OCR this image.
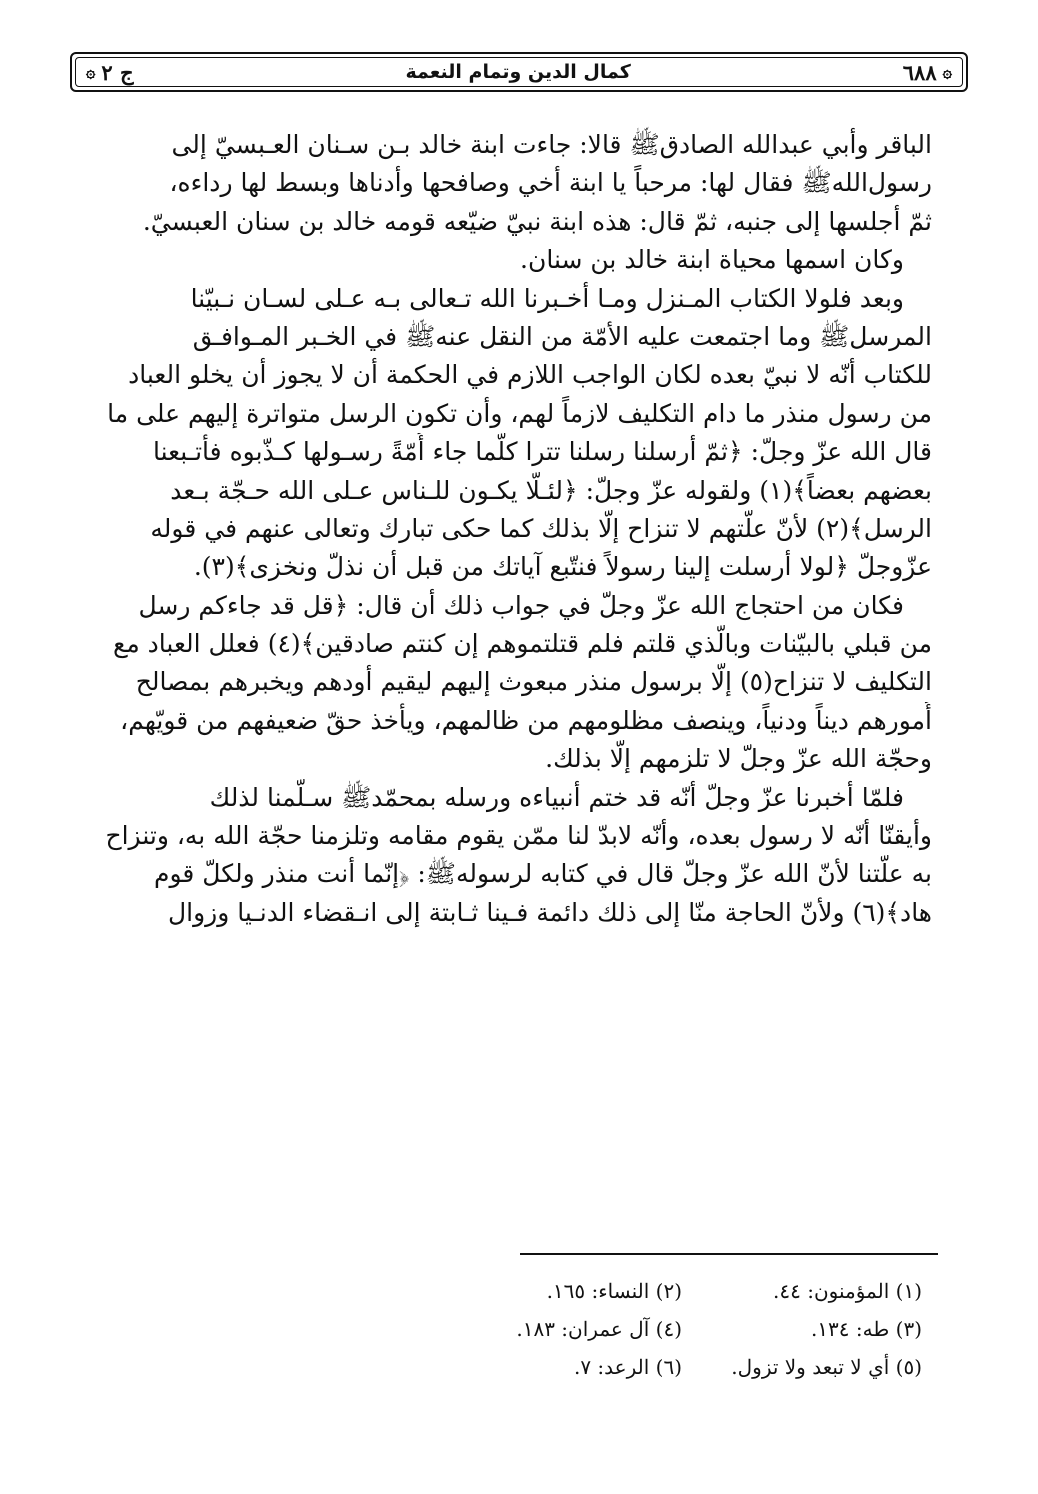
۞
٦٨٨
كمال الدين وتمام النعمة
ج ٢
۞
الباقر وأبي عبدالله الصادقﷺ قالا: جاءت ابنة خالد بـن سـنان العـبسيّ إلى
رسول‌اللهﷺ فقال لها: مرحباً يا ابنة أخي وصافحها وأدناها وبسط لها رداءه،
ثمّ أجلسها إلى جنبه، ثمّ قال: هذه ابنة نبيّ ضيّعه قومه خالد بن سنان العبسيّ.
وكان اسمها محياة ابنة خالد بن سنان.
وبعد فلولا الكتاب المـنزل ومـا أخـبرنا الله تـعالى بـه عـلى لسـان نـبيّنا
المرسلﷺ وما اجتمعت عليه الأمّة من النقل عنهﷺ في الخـبر المـوافـق
للكتاب أنّه لا نبيّ بعده لكان الواجب اللازم في الحكمة أن لا يجوز أن يخلو العباد
من رسول منذر ما دام التكليف لازماً لهم، وأن تكون الرسل متواترة إليهم على ما
قال الله عزّ وجلّ: ﴿ثمّ أرسلنا رسلنا تترا كلّما جاء أُمّةً رسـولها كـذّبوه فأتـبعنا
بعضهم بعضاً﴾(١) ولقوله عزّ وجلّ: ﴿لئـلّا يكـون للـناس عـلى الله حـجّة بـعد
الرسل﴾(٢) لأنّ علّتهم لا تنزاح إلّا بذلك كما حكى تبارك وتعالى عنهم في قوله
عزّوجلّ ﴿لولا أرسلت إلينا رسولاً فنتّبع آياتك من قبل أن نذلّ ونخزى﴾(٣).
فكان من احتجاج الله عزّ وجلّ في جواب ذلك أن قال: ﴿قل قد جاءكم رسل
من قبلي بالبيّنات وبالّذي قلتم فلم قتلتموهم إن كنتم صادقين﴾(٤) فعلل العباد مع
التكليف لا تنزاح(٥) إلّا برسول منذر مبعوث إليهم ليقيم أودهم ويخبرهم بمصالح
أُمورهم ديناً ودنياً، وينصف مظلومهم من ظالمهم، ويأخذ حقّ ضعيفهم من قويّهم،
وحجّة الله عزّ وجلّ لا تلزمهم إلّا بذلك.
فلمّا أخبرنا عزّ وجلّ أنّه قد ختم أنبياءه ورسله بمحمّدﷺ سـلّمنا لذلك
وأيقنّا أنّه لا رسول بعده، وأنّه لابدّ لنا ممّن يقوم مقامه وتلزمنا حجّة الله به، وتنزاح
به علّتنا لأنّ الله عزّ وجلّ قال في كتابه لرسولهﷺ: ﴿إنّما أنت منذر ولكلّ قوم
هاد﴾(٦) ولأنّ الحاجة منّا إلى ذلك دائمة فـينا ثـابتة إلى انـقضاء الدنـيا وزوال
(١) المؤمنون: ٤٤.
(٢) النساء: ١٦٥.
(٣) طه: ١٣٤.
(٤) آل عمران: ١٨٣.
(٥) أي لا تبعد ولا تزول.
(٦) الرعد: ٧.
